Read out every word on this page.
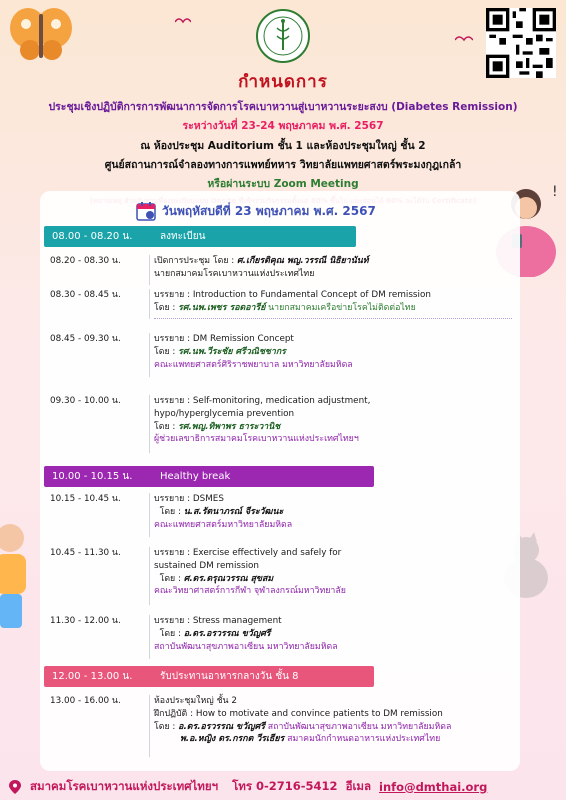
กำหนดการ
ประชุมเชิงปฏิบัติการการพัฒนาการจัดการโรคเบาหวานสู่เบาหวานระยะสงบ (Diabetes Remission)
ระหว่างวันที่ 23-24 พฤษภาคม พ.ศ. 2567
ณ ห้องประชุม Auditorium ชั้น 1 และห้องประชุมใหญ่ ชั้น 2
ศูนย์สถานการณ์จำลองทางการแพทย์ทหาร วิทยาลัยแพทยศาสตร์พระมงกุฎเกล้า
หรือผ่านระบบ Zoom Meeting	!
วันพฤหัสบดีที่ 23 พฤษภาคม พ.ศ. 2567
08.00 - 08.20 น.	ลงทะเบียน
08.20 - 08.30 น.	เปิดการประชุม โดย : ศ.เกียรติคุณ พญ.วรรณี นิธิยานันท์
นายกสมาคมโรคเบาหวานแห่งประเทศไทย
08.30 - 08.45 น.	บรรยาย : Introduction to Fundamental Concept of DM remission
โดย : รศ.นพ.เพชร รอดอารีย์ นายกสมาคมเครือข่ายโรคไม่ติดต่อไทย
08.45 - 09.30 น.	บรรยาย : DM Remission Concept
โดย : รศ.นพ.วีระชัย ศรีวณิชชากร
คณะแพทยศาสตร์ศิริราชพยาบาล มหาวิทยาลัยมหิดล
09.30 - 10.00 น.	บรรยาย : Self-monitoring, medication adjustment,
hypo/hyperglycemia prevention
โดย : รศ.พญ.ทิพาพร ธาระวานิช
ผู้ช่วยเลขาธิการสมาคมโรคเบาหวานแห่งประเทศไทยฯ
10.00 - 10.15 น.	Healthy break
10.15 - 10.45 น.	บรรยาย : DSMES
โดย : น.ส.รัตนาภรณ์ จีระวัฒนะ
คณะแพทยศาสตร์มหาวิทยาลัยมหิดล
10.45 - 11.30 น.	บรรยาย : Exercise effectively and safely for
sustained DM remission
โดย : ศ.ดร.ดรุณวรรณ สุขสม
คณะวิทยาศาสตร์การกีฬา จุฬาลงกรณ์มหาวิทยาลัย
11.30 - 12.00 น.	บรรยาย : Stress management
โดย : อ.ดร.อรวรรณ ขวัญศรี
สถาบันพัฒนาสุขภาพอาเซียน มหาวิทยาลัยมหิดล
12.00 - 13.00 น.	รับประทานอาหารกลางวัน ชั้น 8
13.00 - 16.00 น.	ห้องประชุมใหญ่ ชั้น 2
ฝึกปฏิบัติ : How to motivate and convince patients to DM remission
โดย : อ.ดร.อรวรรณ ขวัญศรี สถาบันพัฒนาสุขภาพอาเซียน มหาวิทยาลัยมหิดล
พ.อ.หญิง ดร.กรกต วีรเธียร สมาคมนักกำหนดอาหารแห่งประเทศไทย
สมาคมโรคเบาหวานแห่งประเทศไทยฯ โทร 0-2716-5412 อีเมล info@dmthai.org
